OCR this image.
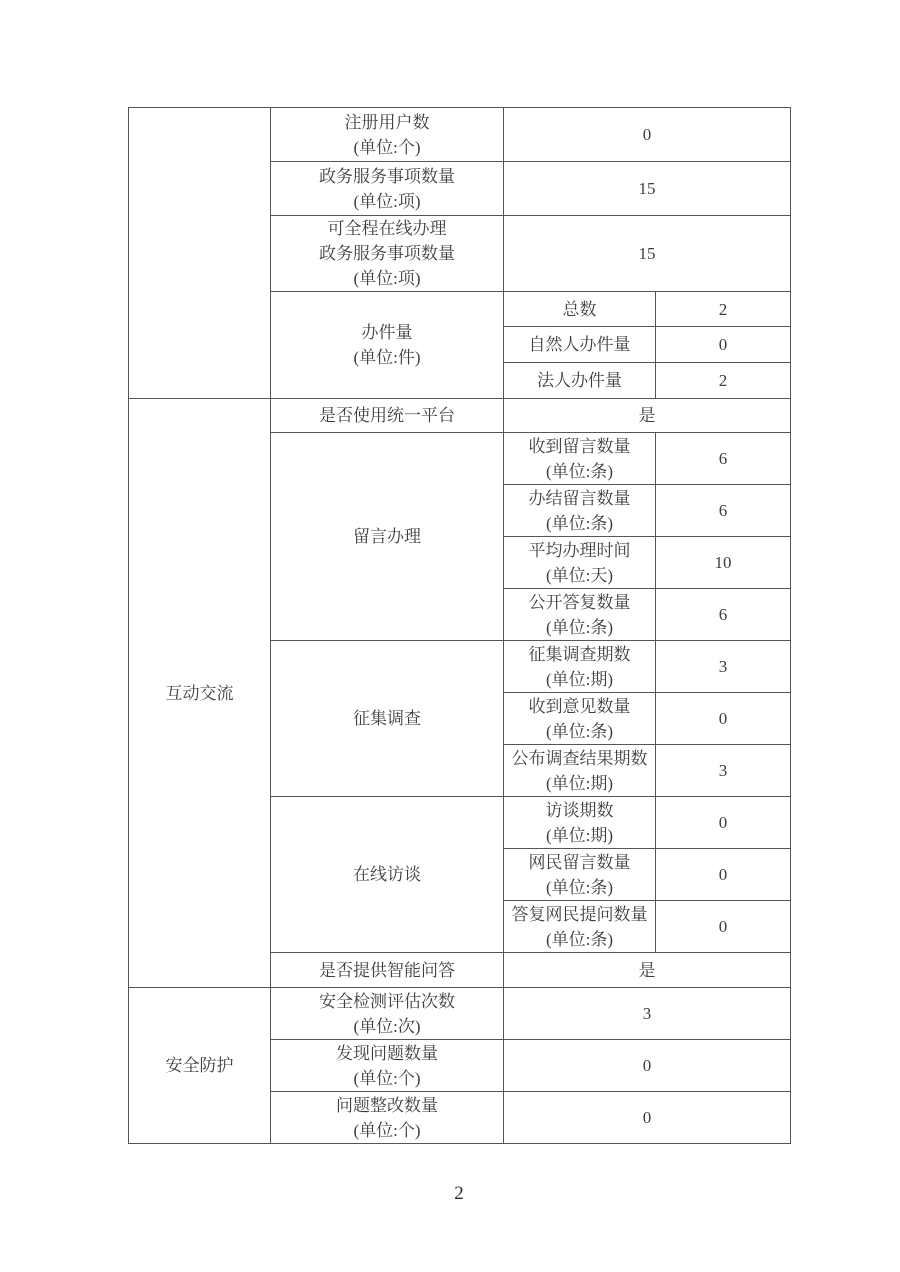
	注册用户数
(单位:个)	0	

	政务服务事项数量
(单位:项)	15	

	可全程在线办理
政务服务事项数量
(单位:项)	15	

	办件量
(单位:件)	总数	2
		自然人办件量	0
		法人办件量	2
互动交流	是否使用统一平台	是	
	留言办理	收到留言数量
(单位:条)	6

		办结留言数量
(单位:条)	6

		平均办理时间
(单位:天)	10

		公开答复数量
(单位:条)	6
	征集调查	征集调查期数
(单位:期)	3

		收到意见数量
(单位:条)	0

		公布调查结果期数
(单位:期)	3
	在线访谈	访谈期数
(单位:期)	0

		网民留言数量
(单位:条)	0

		答复网民提问数量
(单位:条)	0
	是否提供智能问答	是	
安全防护	安全检测评估次数
(单位:次)	3	

	发现问题数量
(单位:个)	0	

	问题整改数量
(单位:个)	0	
2
